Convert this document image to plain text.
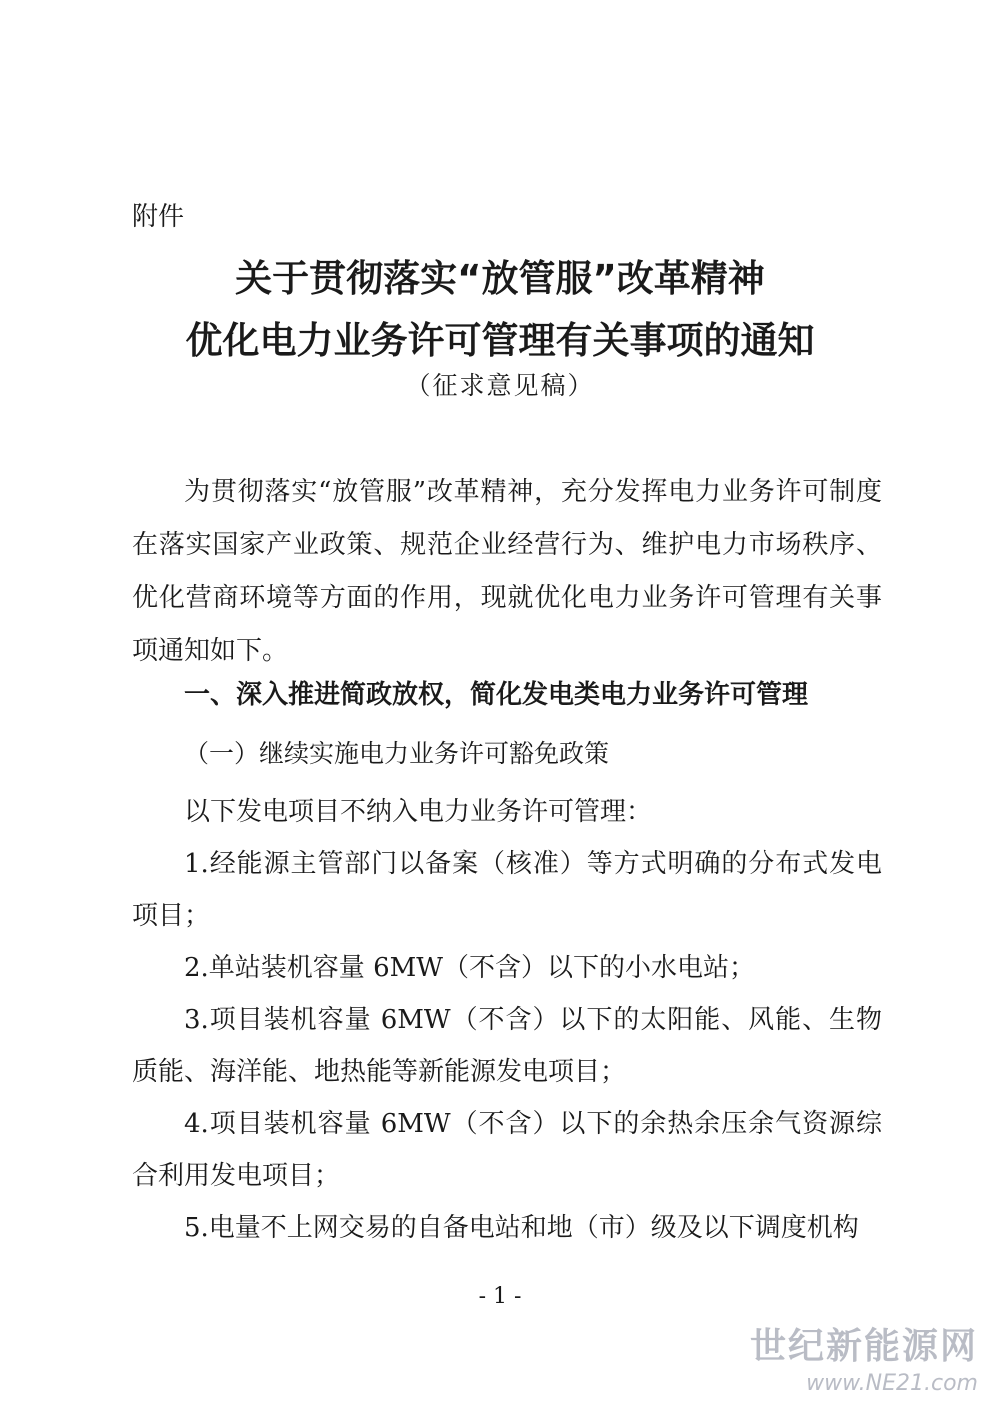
附件
关于贯彻落实“放管服”改革精神
优化电力业务许可管理有关事项的通知
（征求意见稿）

为贯彻落实“放管服”改革精神，充分发挥电力业务许可制度在落实国家产业政策、规范企业经营行为、维护电力市场秩序、优化营商环境等方面的作用，现就优化电力业务许可管理有关事项通知如下。

一、深入推进简政放权，简化发电类电力业务许可管理
（一）继续实施电力业务许可豁免政策

以下发电项目不纳入电力业务许可管理：

1.经能源主管部门以备案（核准）等方式明确的分布式发电项目；

2.单站装机容量 6MW（不含）以下的小水电站；

3.项目装机容量 6MW（不含）以下的太阳能、风能、生物质能、海洋能、地热能等新能源发电项目；

4.项目装机容量 6MW（不含）以下的余热余压余气资源综合利用发电项目；

5.电量不上网交易的自备电站和地（市）级及以下调度机构

- 1 -
世纪新能源网
www.NE21.com
